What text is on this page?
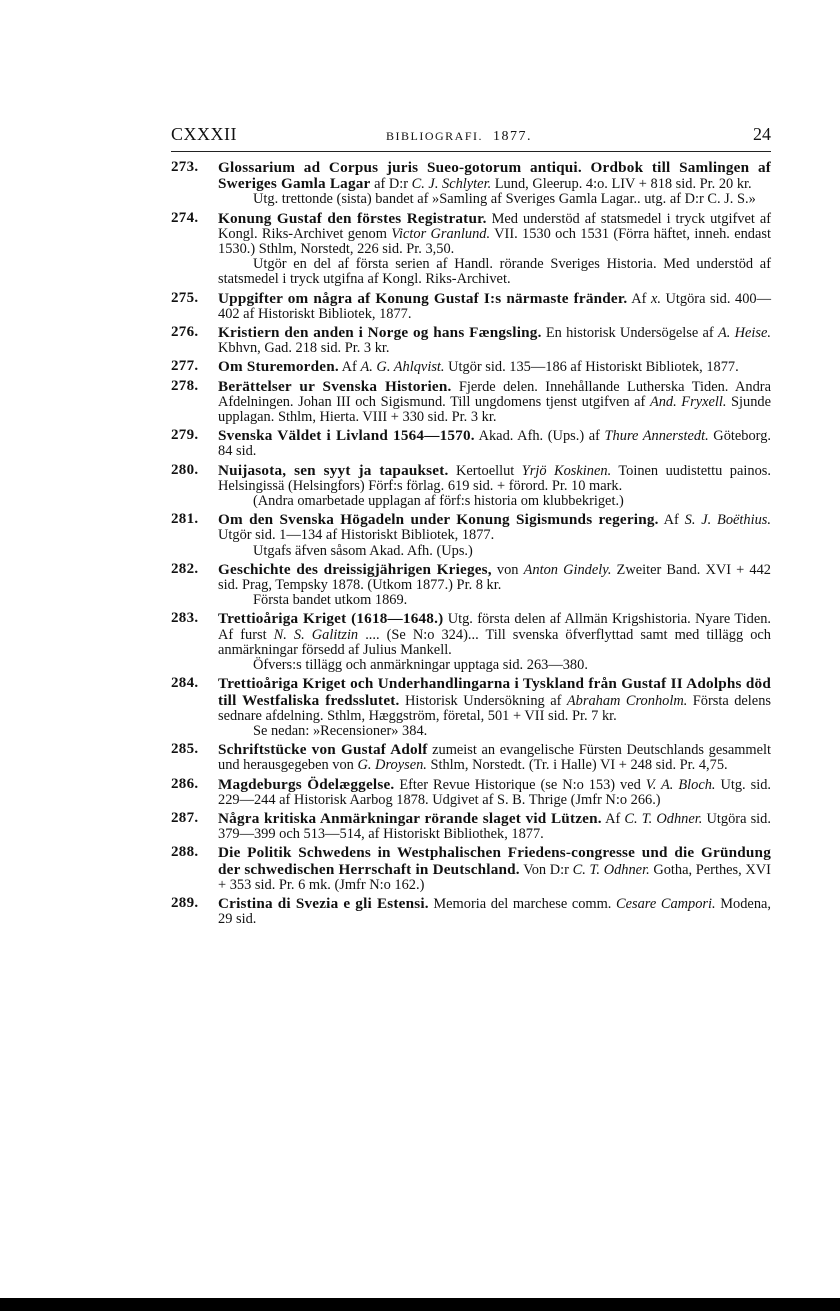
CXXXII	BIBLIOGRAFI. 1877.	24
273. Glossarium ad Corpus juris Sueo-gotorum antiqui. Ordbok till Samlingen af Sweriges Gamla Lagar af D:r C. J. Schlyter. Lund, Gleerup. 4:o. LIV + 818 sid. Pr. 20 kr.
Utg. trettonde (sista) bandet af »Samling af Sveriges Gamla Lagar.. utg. af D:r C. J. S.»
274. Konung Gustaf den förstes Registratur. Med understöd af statsmedel i tryck utgifvet af Kongl. Riks-Archivet genom Victor Granlund. VII. 1530 och 1531 (Förra häftet, inneh. endast 1530.) Sthlm, Norstedt, 226 sid. Pr. 3,50.
Utgör en del af första serien af Handl. rörande Sveriges Historia. Med understöd af statsmedel i tryck utgifna af Kongl. Riks-Archivet.
275. Uppgifter om några af Konung Gustaf I:s närmaste fränder. Af x. Utgöra sid. 400—402 af Historiskt Bibliotek, 1877.
276. Kristiern den anden i Norge og hans Fængsling. En historisk Undersögelse af A. Heise. Kbhvn, Gad. 218 sid. Pr. 3 kr.
277. Om Sturemorden. Af A. G. Ahlqvist. Utgör sid. 135—186 af Historiskt Bibliotek, 1877.
278. Berättelser ur Svenska Historien. Fjerde delen. Innehållande Lutherska Tiden. Andra Afdelningen. Johan III och Sigismund. Till ungdomens tjenst utgifven af And. Fryxell. Sjunde upplagan. Sthlm, Hierta. VIII + 330 sid. Pr. 3 kr.
279. Svenska Väldet i Livland 1564—1570. Akad. Afh. (Ups.) af Thure Annerstedt. Göteborg. 84 sid.
280. Nuijasota, sen syyt ja tapaukset. Kertoellut Yrjö Koskinen. Toinen uudistettu painos. Helsingissä (Helsingfors) Förf:s förlag. 619 sid. + förord. Pr. 10 mark.
(Andra omarbetade upplagan af förf:s historia om klubbekriget.)
281. Om den Svenska Högadeln under Konung Sigismunds regering. Af S. J. Boëthius. Utgör sid. 1—134 af Historiskt Bibliotek, 1877.
Utgafs äfven såsom Akad. Afh. (Ups.)
282. Geschichte des dreissigjährigen Krieges, von Anton Gindely. Zweiter Band. XVI + 442 sid. Prag, Tempsky 1878. (Utkom 1877.) Pr. 8 kr.
Första bandet utkom 1869.
283. Trettioåriga Kriget (1618—1648.) Utg. första delen af Allmän Krigshistoria. Nyare Tiden. Af furst N. S. Galitzin .... (Se N:o 324)... Till svenska öfverflyttad samt med tillägg och anmärkningar försedd af Julius Mankell.
Öfvers:s tillägg och anmärkningar upptaga sid. 263—380.
284. Trettioåriga Kriget och Underhandlingarna i Tyskland från Gustaf II Adolphs död till Westfaliska fredsslutet. Historisk Undersökning af Abraham Cronholm. Första delens sednare afdelning. Sthlm, Hæggström, företal, 501 + VII sid. Pr. 7 kr.
Se nedan: »Recensioner» 384.
285. Schriftstücke von Gustaf Adolf zumeist an evangelische Fürsten Deutschlands gesammelt und herausgegeben von G. Droysen. Sthlm, Norstedt. (Tr. i Halle) VI + 248 sid. Pr. 4,75.
286. Magdeburgs Ödelæggelse. Efter Revue Historique (se N:o 153) ved V. A. Bloch. Utg. sid. 229—244 af Historisk Aarbog 1878. Udgivet af S. B. Thrige (Jmfr N:o 266.)
287. Några kritiska Anmärkningar rörande slaget vid Lützen. Af C. T. Odhner. Utgöra sid. 379—399 och 513—514, af Historiskt Bibliothek, 1877.
288. Die Politik Schwedens in Westphalischen Friedens-congresse und die Gründung der schwedischen Herrschaft in Deutschland. Von D:r C. T. Odhner. Gotha, Perthes, XVI + 353 sid. Pr. 6 mk. (Jmfr N:o 162.)
289. Cristina di Svezia e gli Estensi. Memoria del marchese comm. Cesare Campori. Modena, 29 sid.
